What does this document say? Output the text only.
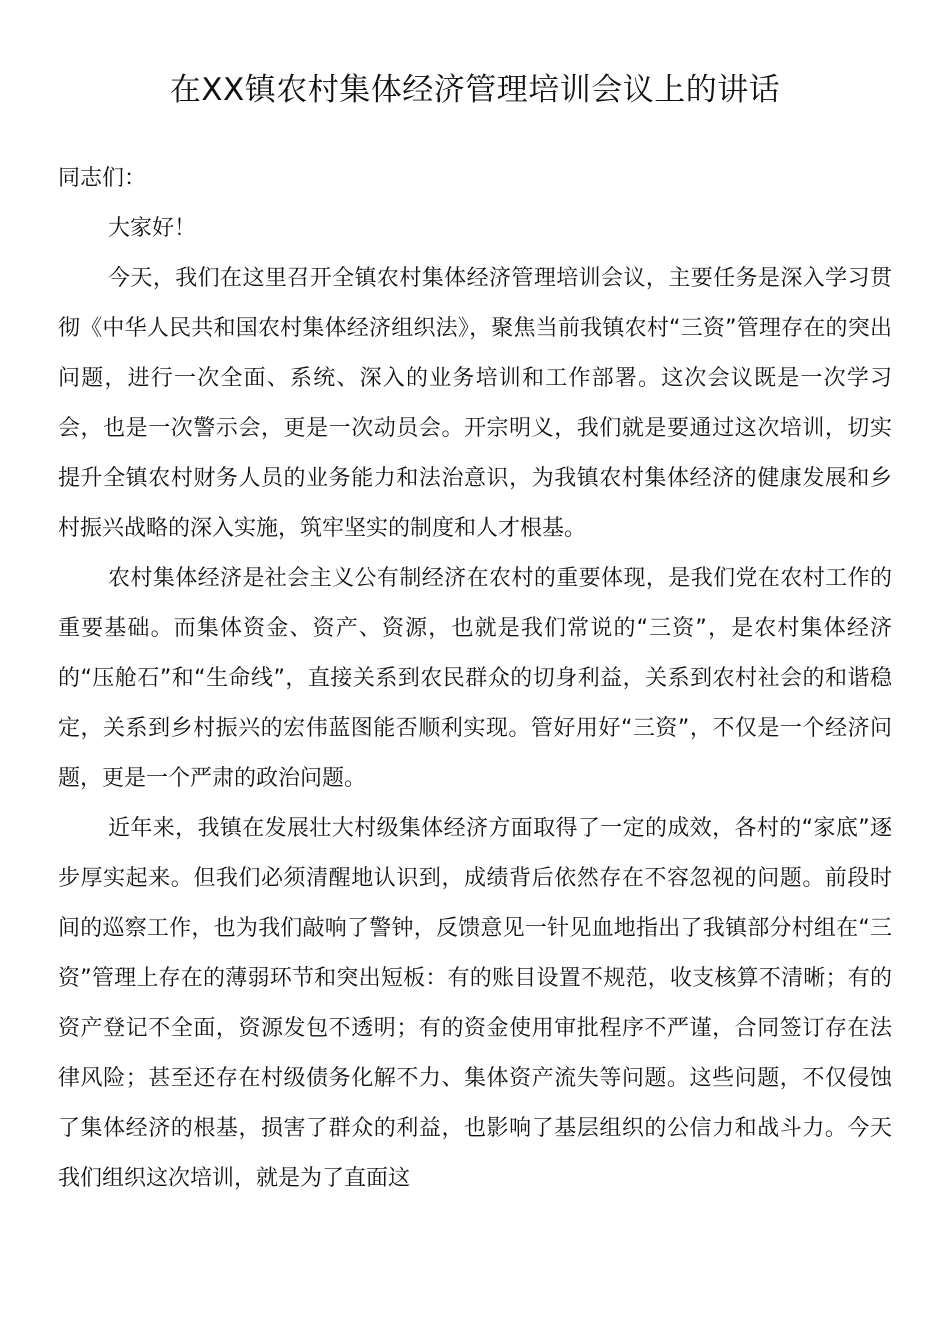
在XX镇农村集体经济管理培训会议上的讲话

同志们：

大家好！

今天，我们在这里召开全镇农村集体经济管理培训会议，主要任务是深入学习贯彻《中华人民共和国农村集体经济组织法》，聚焦当前我镇农村“三资”管理存在的突出问题，进行一次全面、系统、深入的业务培训和工作部署。这次会议既是一次学习会，也是一次警示会，更是一次动员会。开宗明义，我们就是要通过这次培训，切实提升全镇农村财务人员的业务能力和法治意识，为我镇农村集体经济的健康发展和乡村振兴战略的深入实施，筑牢坚实的制度和人才根基。

农村集体经济是社会主义公有制经济在农村的重要体现，是我们党在农村工作的重要基础。而集体资金、资产、资源，也就是我们常说的“三资”，是农村集体经济的“压舱石”和“生命线”，直接关系到农民群众的切身利益，关系到农村社会的和谐稳定，关系到乡村振兴的宏伟蓝图能否顺利实现。管好用好“三资”，不仅是一个经济问题，更是一个严肃的政治问题。

近年来，我镇在发展壮大村级集体经济方面取得了一定的成效，各村的“家底”逐步厚实起来。但我们必须清醒地认识到，成绩背后依然存在不容忽视的问题。前段时间的巡察工作，也为我们敲响了警钟，反馈意见一针见血地指出了我镇部分村组在“三资”管理上存在的薄弱环节和突出短板：有的账目设置不规范，收支核算不清晰；有的资产登记不全面，资源发包不透明；有的资金使用审批程序不严谨，合同签订存在法律风险；甚至还存在村级债务化解不力、集体资产流失等问题。这些问题，不仅侵蚀了集体经济的根基，损害了群众的利益，也影响了基层组织的公信力和战斗力。今天我们组织这次培训，就是为了直面这
